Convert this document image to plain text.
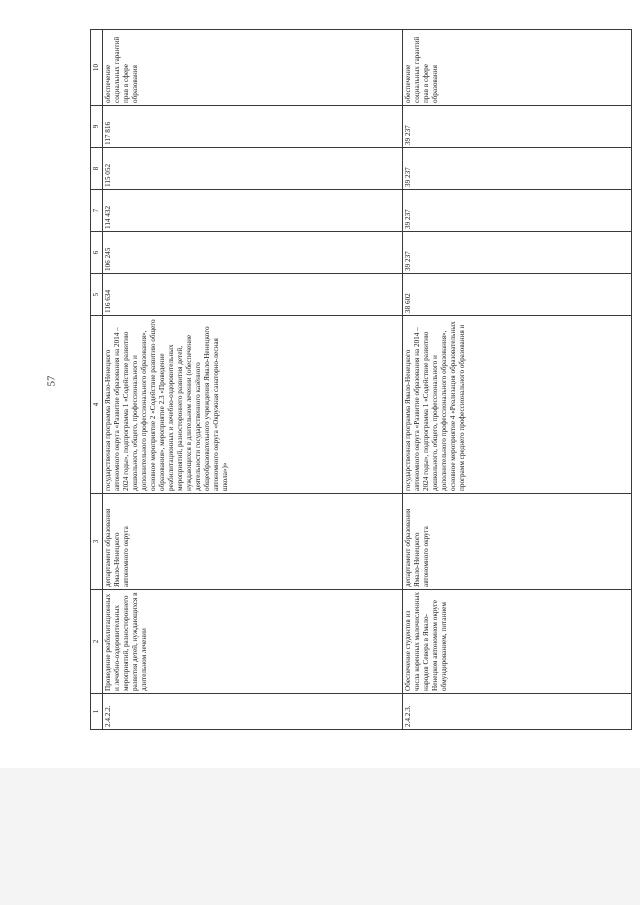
57
1	2	3	4	5	6	7	8	9	10
2.4.2.2.	Проведение реабилитационных и лечебно-оздоровительных мероприятий, разностороннего развития детей, нуждающихся в длительном лечении	департамент образования Ямало-Ненецкого автономного округа	государственная программа Ямало-Ненецкого автономного округа «Развитие образования на 2014 – 2024 годы», подпрограмма 1 «Содействие развитию дошкольного, общего, профессионального и дополнительного профессионального образования», основное мероприятие 2 «Содействие развитию общего образования», мероприятие 2.3 «Проведение реабилитационных и лечебно-оздоровительных мероприятий, разностороннего развития детей, нуждающихся в длительном лечении (обеспечение деятельности государственного казённого общеобразовательного учреждения Ямало-Ненецкого автономного округа «Окружная санаторно-лесная школа»)»	116 634	106 245	114 432	115 052	117 816	обеспечение социальных гарантий прав в сфере образования
2.4.2.3.	Обеспечение студентов из числа коренных малочисленных народов Севера в Ямало-Ненецком автономном округе обмундированием, питанием	департамент образования Ямало-Ненецкого автономного округа	государственная программа Ямало-Ненецкого автономного округа «Развитие образования на 2014 – 2024 годы», подпрограмма 1 «Содействие развитию дошкольного, общего, профессионального и дополнительного профессионального образования», основное мероприятие 4 «Реализация образовательных программ среднего профессионального образования и	38 602	39 237	39 237	39 237	39 237	обеспечение социальных гарантий прав в сфере образования
